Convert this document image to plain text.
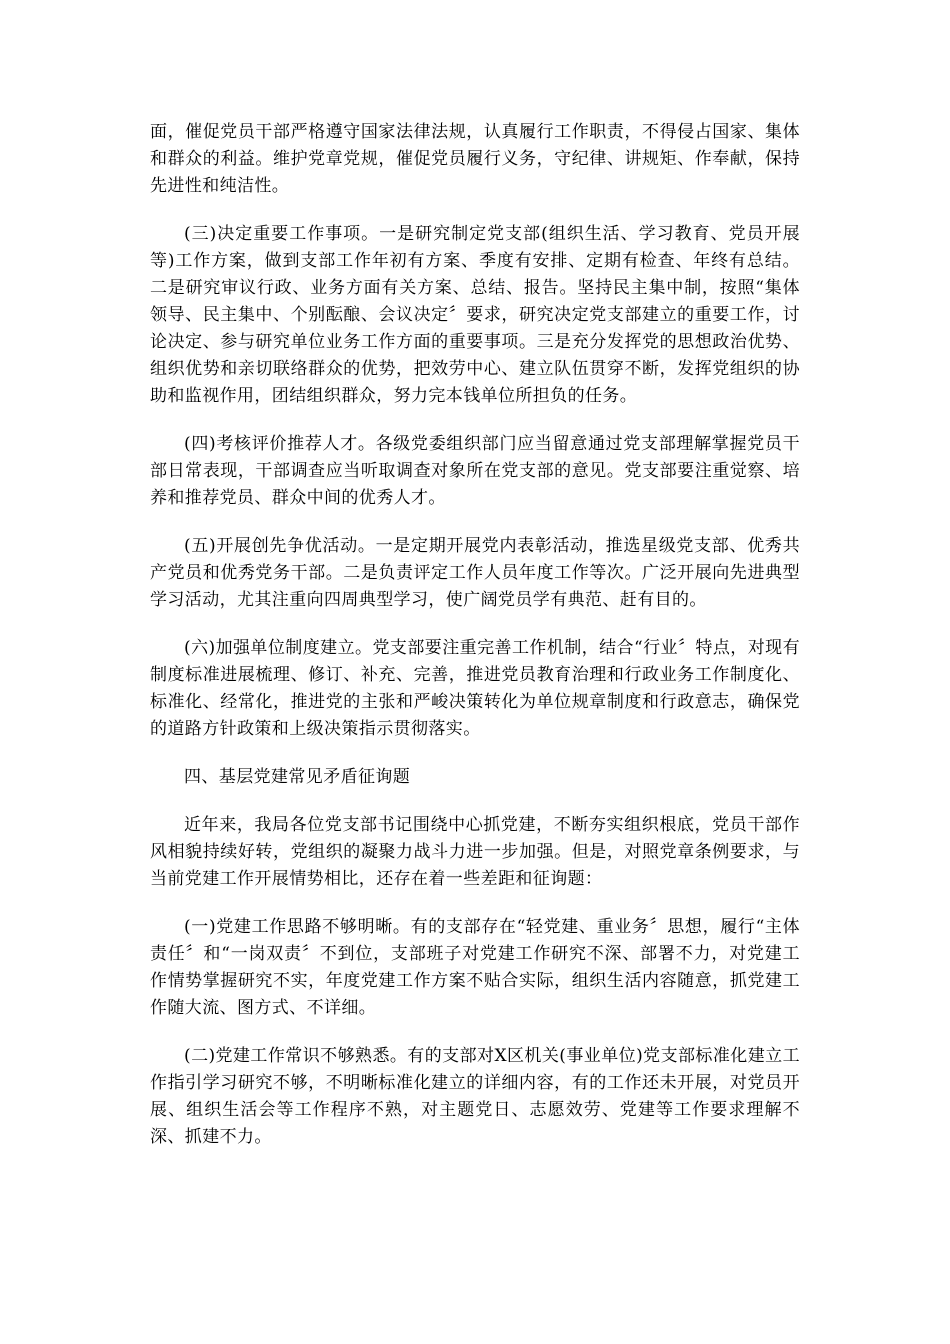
面，催促党员干部严格遵守国家法律法规，认真履行工作职责，不得侵占国家、集体和群众的利益。维护党章党规，催促党员履行义务，守纪律、讲规矩、作奉献，保持先进性和纯洁性。

(三)决定重要工作事项。一是研究制定党支部(组织生活、学习教育、党员开展等)工作方案，做到支部工作年初有方案、季度有安排、定期有检查、年终有总结。二是研究审议行政、业务方面有关方案、总结、报告。坚持民主集中制，按照“集体领导、民主集中、个别酝酿、会议决定〞要求，研究决定党支部建立的重要工作，讨论决定、参与研究单位业务工作方面的重要事项。三是充分发挥党的思想政治优势、组织优势和亲切联络群众的优势，把效劳中心、建立队伍贯穿不断，发挥党组织的协助和监视作用，团结组织群众，努力完本钱单位所担负的任务。

(四)考核评价推荐人才。各级党委组织部门应当留意通过党支部理解掌握党员干部日常表现，干部调查应当听取调查对象所在党支部的意见。党支部要注重觉察、培养和推荐党员、群众中间的优秀人才。

(五)开展创先争优活动。一是定期开展党内表彰活动，推选星级党支部、优秀共产党员和优秀党务干部。二是负责评定工作人员年度工作等次。广泛开展向先进典型学习活动，尤其注重向四周典型学习，使广阔党员学有典范、赶有目的。

(六)加强单位制度建立。党支部要注重完善工作机制，结合“行业〞特点，对现有制度标准进展梳理、修订、补充、完善，推进党员教育治理和行政业务工作制度化、标准化、经常化，推进党的主张和严峻决策转化为单位规章制度和行政意志，确保党的道路方针政策和上级决策指示贯彻落实。

四、基层党建常见矛盾征询题

近年来，我局各位党支部书记围绕中心抓党建，不断夯实组织根底，党员干部作风相貌持续好转，党组织的凝聚力战斗力进一步加强。但是，对照党章条例要求，与当前党建工作开展情势相比，还存在着一些差距和征询题：

(一)党建工作思路不够明晰。有的支部存在“轻党建、重业务〞思想，履行“主体责任〞和“一岗双责〞不到位，支部班子对党建工作研究不深、部署不力，对党建工作情势掌握研究不实，年度党建工作方案不贴合实际，组织生活内容随意，抓党建工作随大流、图方式、不详细。

(二)党建工作常识不够熟悉。有的支部对X区机关(事业单位)党支部标准化建立工作指引学习研究不够，不明晰标准化建立的详细内容，有的工作还未开展，对党员开展、组织生活会等工作程序不熟，对主题党日、志愿效劳、党建等工作要求理解不深、抓建不力。
